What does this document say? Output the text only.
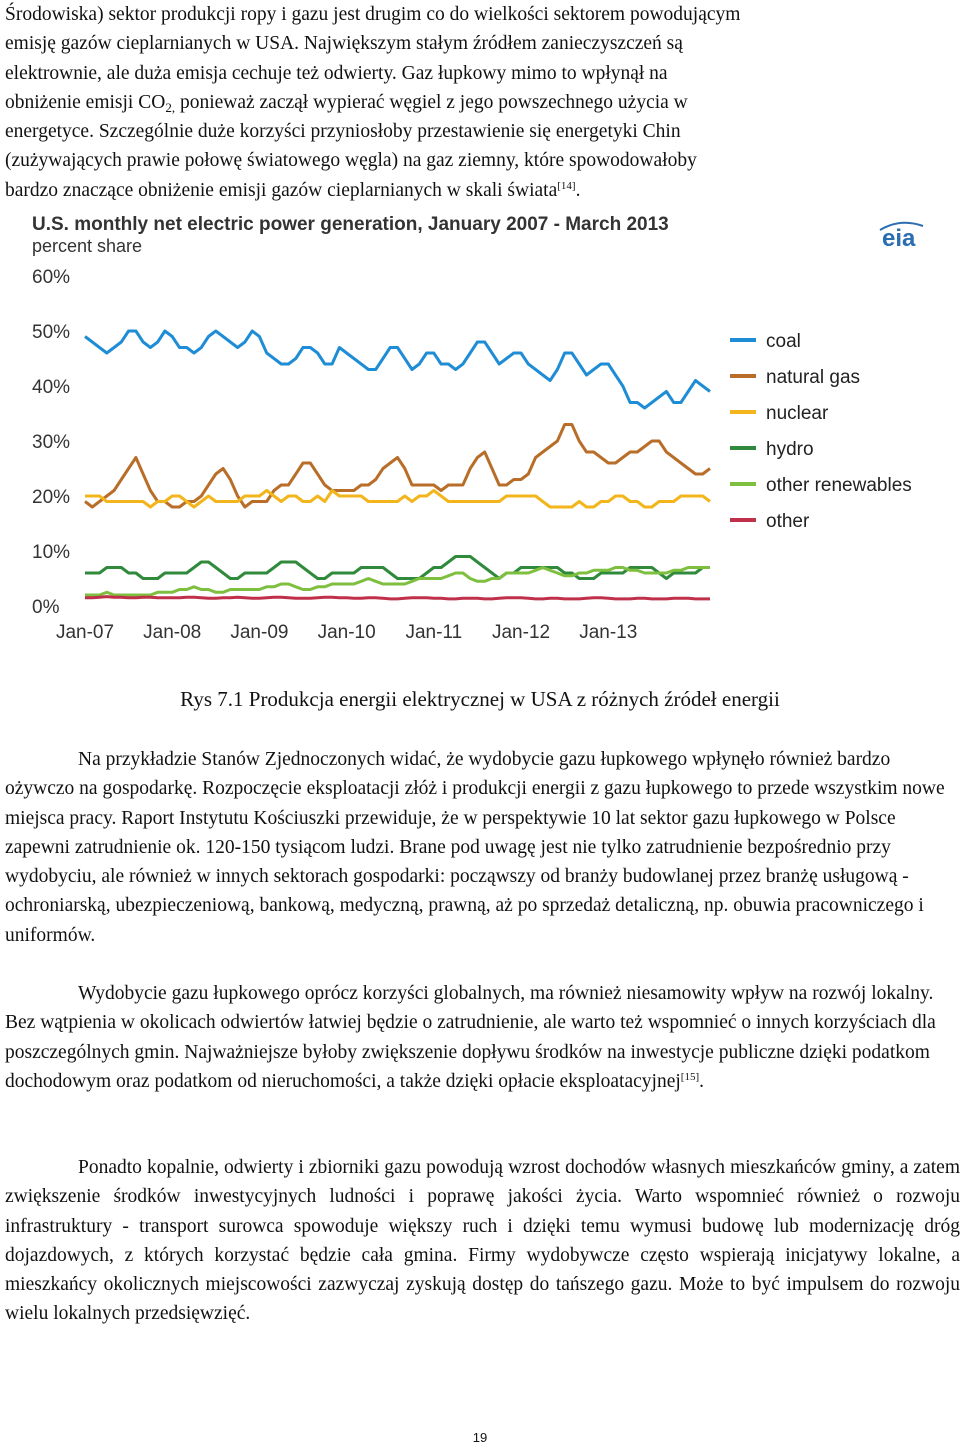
Środowiska) sektor produkcji ropy i gazu jest drugim co do wielkości sektorem powodującym
emisję gazów cieplarnianych w USA. Największym stałym źródłem zanieczyszczeń są
elektrownie, ale duża emisja cechuje też odwierty. Gaz łupkowy mimo to wpłynął na
obniżenie emisji $CO_{2,}$ ponieważ zaczął wypierać węgiel z jego powszechnego użycia w
energetyce. Szczególnie duże korzyści przyniosłoby przestawienie się energetyki Chin
(zużywających prawie połowę światowego węgla) na gaz ziemny, które spowodowałoby
bardzo znaczące obniżenie emisji gazów cieplarnianych w skali świata[14].
U.S. monthly net electric power generation, January 2007 - March 2013
percent share	eia
0%
10%
20%
30%
40%
50%
60%
Jan-07 Jan-08 Jan-09 Jan-10 Jan-11 Jan-12 Jan-13
coal
natural gas
nuclear
hydro
other renewables
other
Rys 7.1 Produkcja energii elektrycznej w USA z różnych źródeł energii

Na przykładzie Stanów Zjednoczonych widać, że wydobycie gazu łupkowego wpłynęło również bardzo ożywczo na gospodarkę. Rozpoczęcie eksploatacji złóż i produkcji energii z gazu łupkowego to przede wszystkim nowe miejsca pracy. Raport Instytutu Kościuszki przewiduje, że w perspektywie 10 lat sektor gazu łupkowego w Polsce zapewni zatrudnienie ok. 120-150 tysiącom ludzi. Brane pod uwagę jest nie tylko zatrudnienie bezpośrednio przy wydobyciu, ale również w innych sektorach gospodarki: począwszy od branży budowlanej przez branżę usługową - ochroniarską, ubezpieczeniową, bankową, medyczną, prawną, aż po sprzedaż detaliczną, np. obuwia pracowniczego i uniformów.

Wydobycie gazu łupkowego oprócz korzyści globalnych, ma również niesamowity wpływ na rozwój lokalny. Bez wątpienia w okolicach odwiertów łatwiej będzie o zatrudnienie, ale warto też wspomnieć o innych korzyściach dla poszczególnych gmin. Najważniejsze byłoby zwiększenie dopływu środków na inwestycje publiczne dzięki podatkom dochodowym oraz podatkom od nieruchomości, a także dzięki opłacie eksploatacyjnej[15].

Ponadto kopalnie, odwierty i zbiorniki gazu powodują wzrost dochodów własnych mieszkańców gminy, a zatem zwiększenie środków inwestycyjnych ludności i poprawę jakości życia. Warto wspomnieć również o rozwoju infrastruktury - transport surowca spowoduje większy ruch i dzięki temu wymusi budowę lub modernizację dróg dojazdowych, z których korzystać będzie cała gmina. Firmy wydobywcze często wspierają inicjatywy lokalne, a mieszkańcy okolicznych miejscowości zazwyczaj zyskują dostęp do tańszego gazu. Może to być impulsem do rozwoju wielu lokalnych przedsięwzięć.

19
